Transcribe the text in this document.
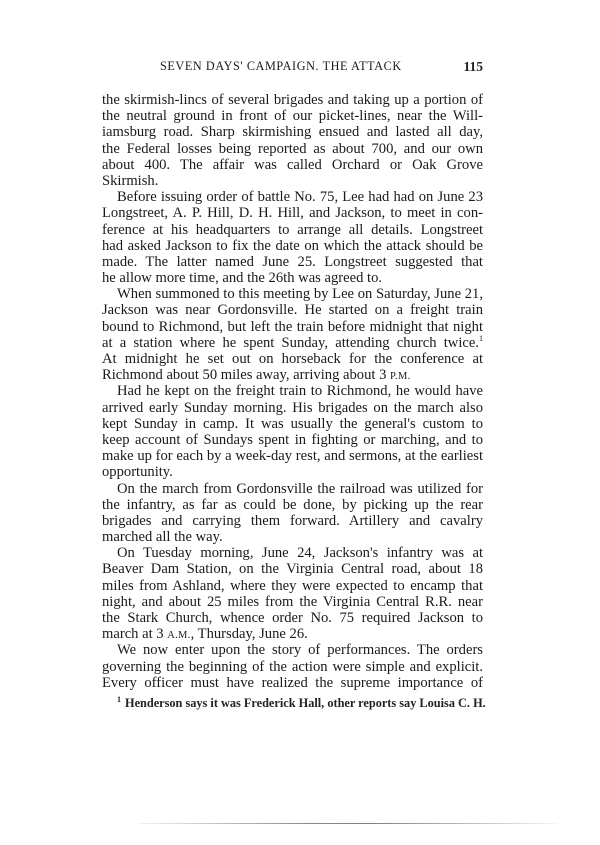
SEVEN DAYS' CAMPAIGN. THE ATTACK	115
the skirmish-lincs of several brigades and taking up a portion of
the neutral ground in front of our picket-lines, near the Will-
iamsburg road. Sharp skirmishing ensued and lasted all day,
the Federal losses being reported as about 700, and our own
about 400. The affair was called Orchard or Oak Grove
Skirmish.
Before issuing order of battle No. 75, Lee had had on June 23
Longstreet, A. P. Hill, D. H. Hill, and Jackson, to meet in con-
ference at his headquarters to arrange all details. Longstreet
had asked Jackson to fix the date on which the attack should be
made. The latter named June 25. Longstreet suggested that
he allow more time, and the 26th was agreed to.
When summoned to this meeting by Lee on Saturday, June 21,
Jackson was near Gordonsville. He started on a freight train
bound to Richmond, but left the train before midnight that night
at a station where he spent Sunday, attending church twice.$^1$
At midnight he set out on horseback for the conference at
Richmond about 50 miles away, arriving about 3 P.M.
Had he kept on the freight train to Richmond, he would have
arrived early Sunday morning. His brigades on the march also
kept Sunday in camp. It was usually the general's custom to
keep account of Sundays spent in fighting or marching, and to
make up for each by a week-day rest, and sermons, at the earliest
opportunity.
On the march from Gordonsville the railroad was utilized for
the infantry, as far as could be done, by picking up the rear
brigades and carrying them forward. Artillery and cavalry
marched all the way.
On Tuesday morning, June 24, Jackson's infantry was at
Beaver Dam Station, on the Virginia Central road, about 18
miles from Ashland, where they were expected to encamp that
night, and about 25 miles from the Virginia Central R.R. near
the Stark Church, whence order No. 75 required Jackson to
march at 3 A.M., Thursday, June 26.
We now enter upon the story of performances. The orders
governing the beginning of the action were simple and explicit.
Every officer must have realized the supreme importance of
$^1$ Henderson says it was Frederick Hall, other reports say Louisa C. H.
